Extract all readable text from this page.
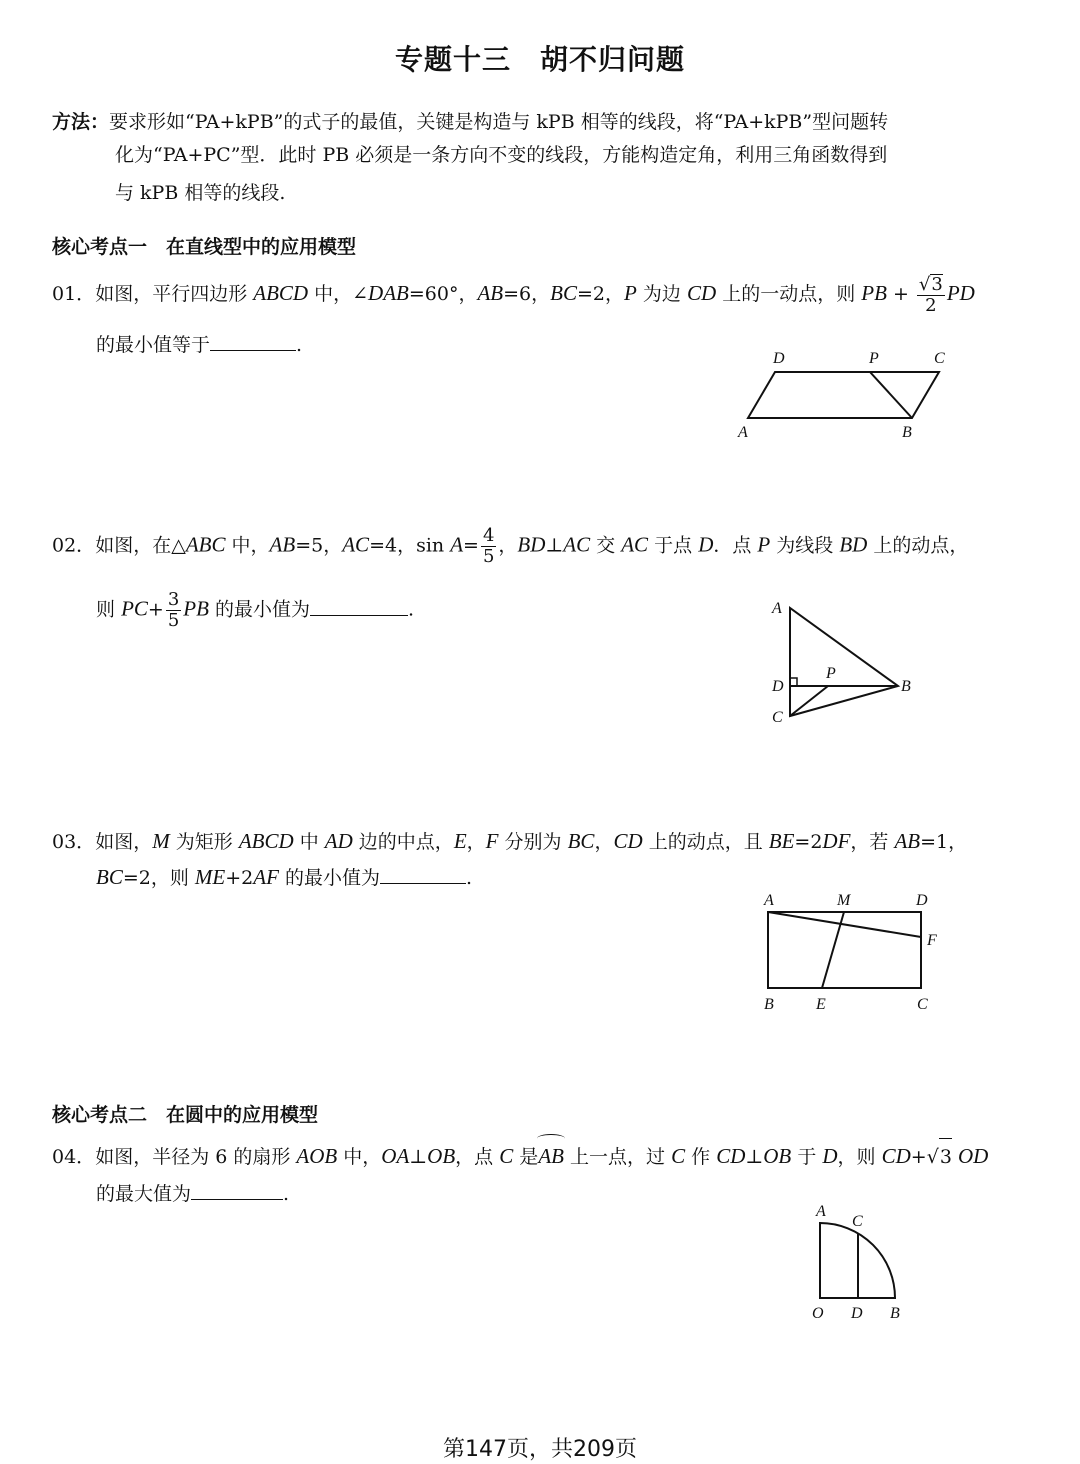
专题十三　胡不归问题
方法：要求形如“PA+kPB”的式子的最值，关键是构造与 kPB 相等的线段，将“PA+kPB”型问题转
化为“PA+PC”型．此时 PB 必须是一条方向不变的线段，方能构造定角，利用三角函数得到
与 kPB 相等的线段.
核心考点一　在直线型中的应用模型
01．如图，平行四边形 ABCD 中，∠DAB=60°，AB=6，BC=2，P 为边 CD 上的一动点，则 PB + $\frac{√3}{2}$ PD
的最小值等于	.
A	B
C
D	P
02．如图，在△ABC 中，AB=5，AC=4，$\sin A= \frac{4}{5}$ ，BD⊥AC 交 AC 于点 D．点 P 为线段 BD 上的动点，
则 $PC+ \frac{3}{5}$ PB 的最小值为	.	A
B
C
D
P
03．如图，M 为矩形 ABCD 中 AD 边的中点，E，F 分别为 BC，CD 上的动点，且 BE=2DF，若 AB=1，
BC=2，则 ME+2AF 的最小值为	.
A	M	D
F
B	E	C
核心考点二　在圆中的应用模型
04．如图，半径为 6 的扇形 AOB 中，OA⊥OB，点 C 是AB 上一点，过 C 作 CD⊥OB 于 D，则 CD+√3 OD
的最大值为	.
A
C
O D B
第147页，共209页
